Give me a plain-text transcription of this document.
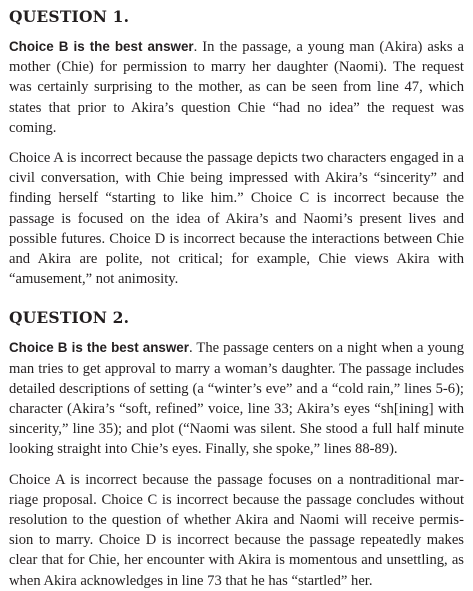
QUESTION 1.

Choice B is the best answer. In the passage, a young man (Akira) asks a mother (Chie) for permission to marry her daughter (Naomi). The request was certainly surprising to the mother, as can be seen from line 47, which states that prior to Akira’s question Chie “had no idea” the request was coming.

Choice A is incorrect because the passage depicts two characters engaged in a civil conversation, with Chie being impressed with Akira’s “sincerity” and finding herself “starting to like him.” Choice C is incorrect because the passage is focused on the idea of Akira’s and Naomi’s present lives and possible futures. Choice D is incorrect because the interactions between Chie and Akira are polite, not critical; for example, Chie views Akira with “amusement,” not animosity.

QUESTION 2.

Choice B is the best answer. The passage centers on a night when a young man tries to get approval to marry a woman’s daughter. The passage includes detailed descriptions of setting (a “winter’s eve” and a “cold rain,” lines 5-6); character (Akira’s “soft, refined” voice, line 33; Akira’s eyes “sh[ining] with sincerity,” line 35); and plot (“Naomi was silent. She stood a full half minute looking straight into Chie’s eyes. Finally, she spoke,” lines 88-89).

Choice A is incorrect because the passage focuses on a nontraditional marriage proposal. Choice C is incorrect because the passage concludes without resolution to the question of whether Akira and Naomi will receive permission to marry. Choice D is incorrect because the passage repeatedly makes clear that for Chie, her encounter with Akira is momentous and unsettling, as when Akira acknowledges in line 73 that he has “startled” her.
